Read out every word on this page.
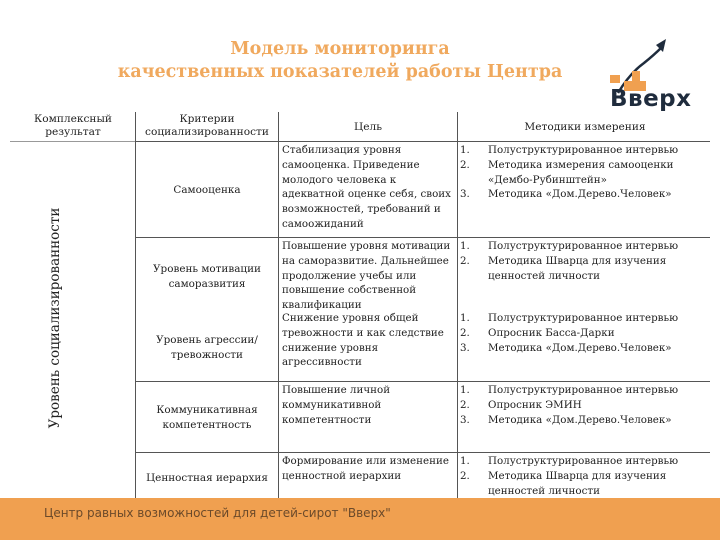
Модель мониторинга
качественных показателей работы Центра
Вверх
Комплексный результат
Критерии социализированности	Цель	Методики измерения
Уровень социализированности
Самооценка
Стабилизация уровня самооценка. Приведение молодого человека к адекватной оценке себя, своих возможностей, требований и самоожиданий
1. Полуструктурированное интервью
2. Методика измерения самооценки «Дембо-Рубинштейн»
3. Методика «Дом.Дерево.Человек»
Уровень мотивации саморазвития
Повышение уровня мотивации на саморазвитие. Дальнейшее продолжение учебы или повышение собственной квалификации
1. Полуструктурированное интервью
2. Методика Шварца для изучения ценностей личности
Уровень агрессии/тревожности
Снижение уровня общей тревожности и как следствие снижение уровня агрессивности
1. Полуструктурированное интервью
2. Опросник Басса-Дарки
3. Методика «Дом.Дерево.Человек»
Коммуникативная компетентность
Повышение личной коммуникативной компетентности
1. Полуструктурированное интервью
2. Опросник ЭМИН
3. Методика «Дом.Дерево.Человек»
Ценностная иерархия
Формирование или изменение ценностной иерархии
1. Полуструктурированное интервью
2. Методика Шварца для изучения ценностей личности
Центр равных возможностей для детей-сирот "Вверх"
